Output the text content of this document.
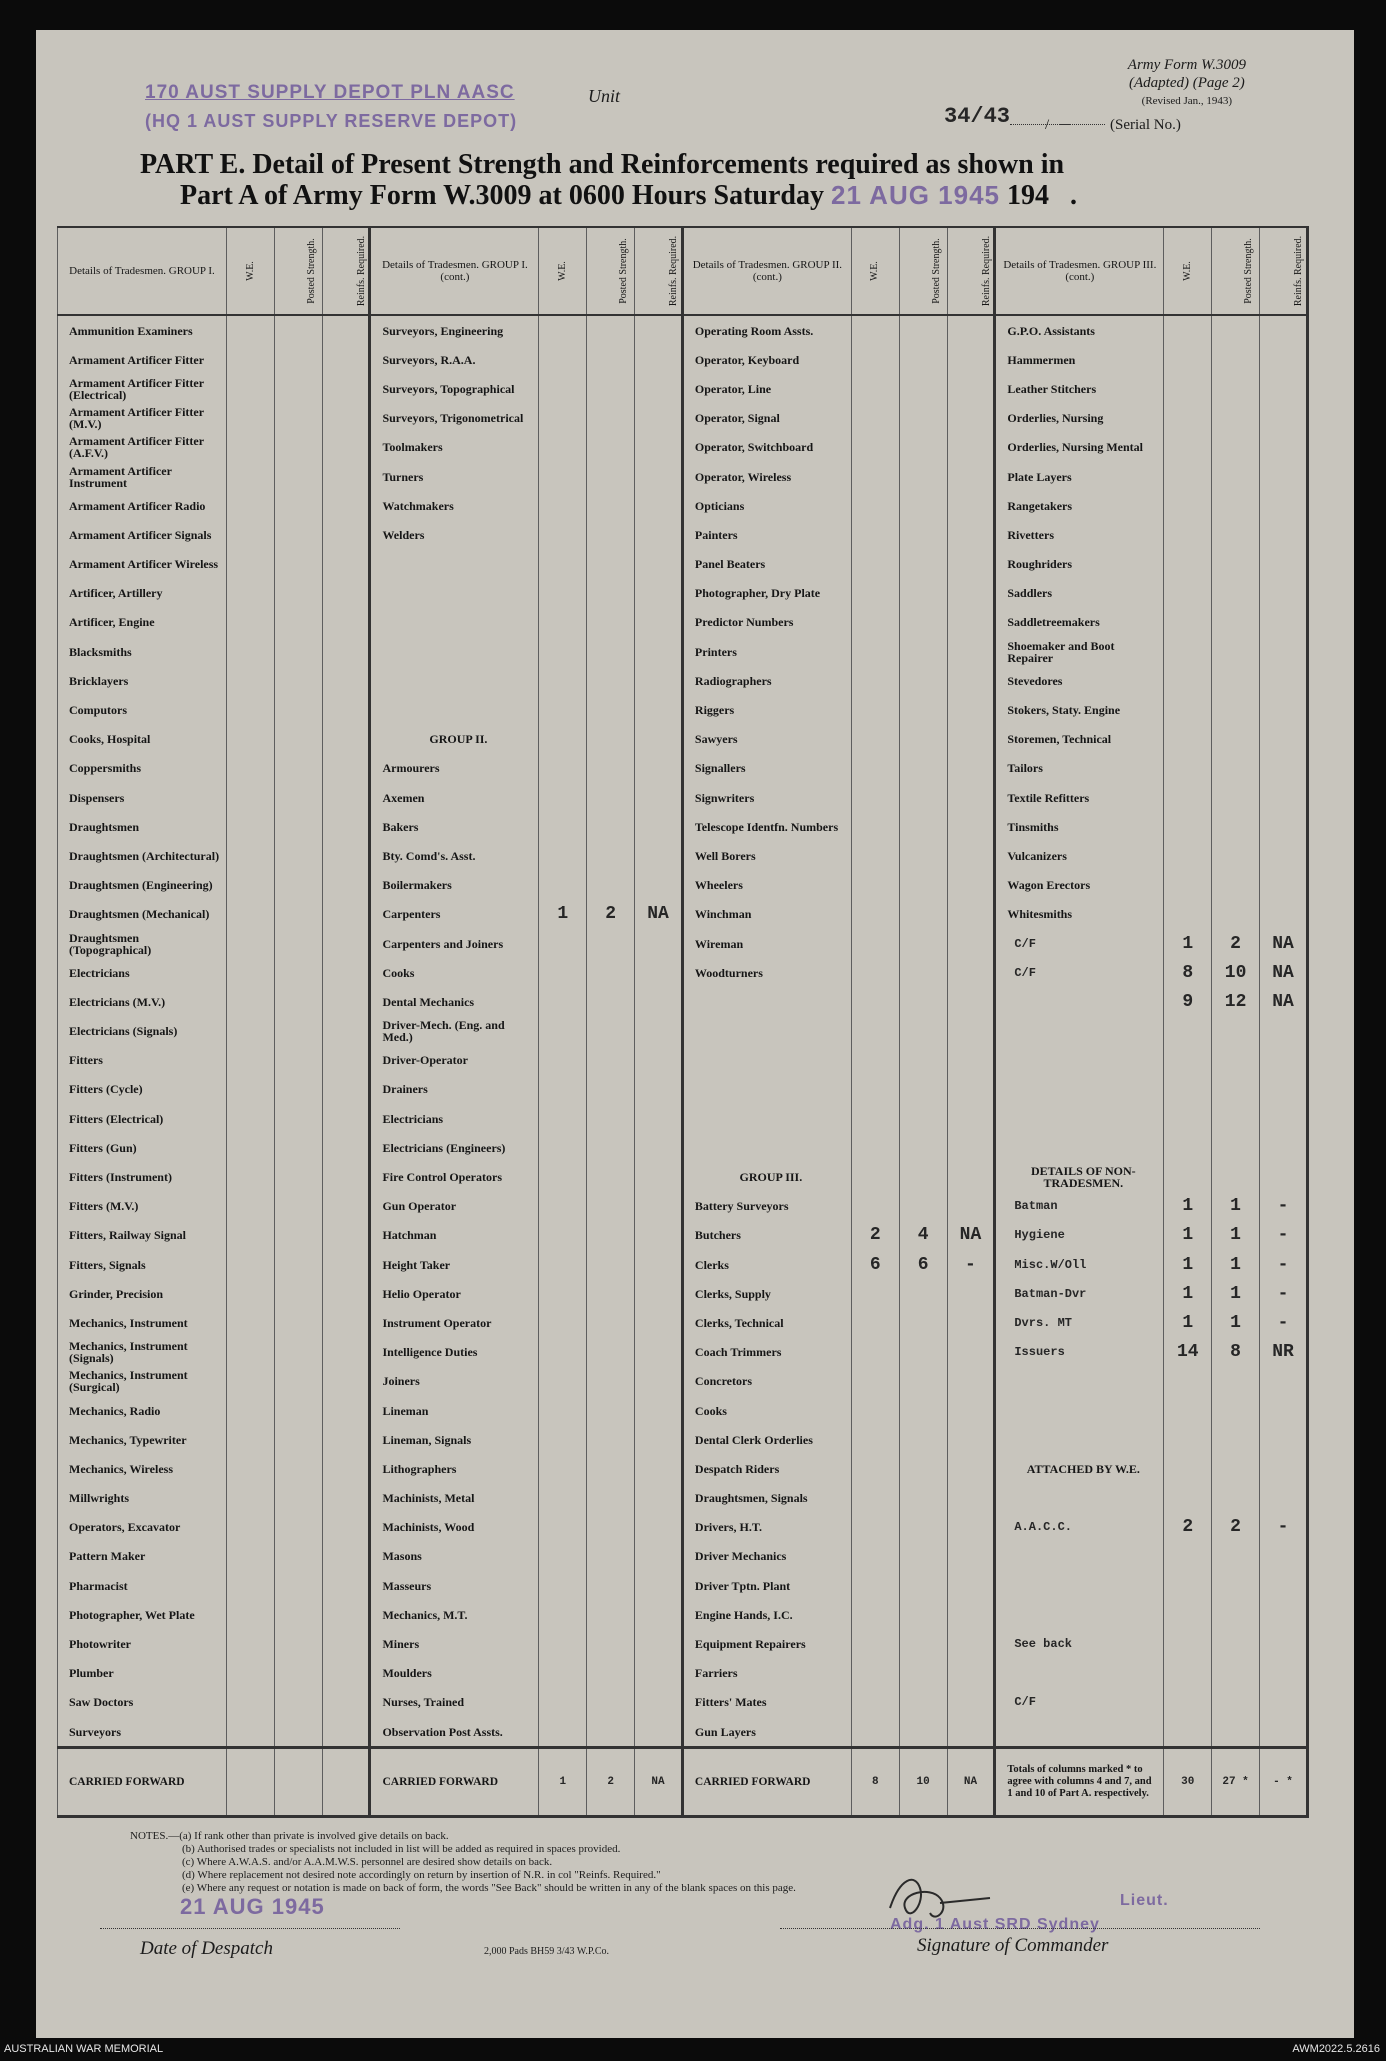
170 AUST SUPPLY DEPOT PLN AASC
(HQ 1 AUST SUPPLY RESERVE DEPOT)
Unit
Army Form W.3009
(Adapted) (Page 2)
(Revised Jan., 1943)
34/43 /	(Serial No.)
PART E. Detail of Present Strength and Reinforcements required as shown in
Part A of Army Form W.3009 at 0600 Hours Saturday 21 AUG 1945 194 .
Details of Tradesmen. GROUP I.	W.E.	Posted Strength.	Reinfs. Required.	Details of Tradesmen. GROUP I. (cont.)	W.E.	Posted Strength.	Reinfs. Required.	Details of Tradesmen. GROUP II. (cont.)	W.E.	Posted Strength.	Reinfs. Required.	Details of Tradesmen. GROUP III. (cont.)	W.E.	Posted Strength.	Reinfs. Required.
Ammunition Examiners				Surveyors, Engineering				Operating Room Assts.				G.P.O. Assistants			
Armament Artificer Fitter				Surveyors, R.A.A.				Operator, Keyboard				Hammermen			
Armament Artificer Fitter (Electrical)				Surveyors, Topographical				Operator, Line				Leather Stitchers			
Armament Artificer Fitter (M.V.)				Surveyors, Trigonometrical				Operator, Signal				Orderlies, Nursing			
Armament Artificer Fitter (A.F.V.)				Toolmakers				Operator, Switchboard				Orderlies, Nursing Mental			
Armament Artificer Instrument				Turners				Operator, Wireless				Plate Layers			
Armament Artificer Radio				Watchmakers				Opticians				Rangetakers			
Armament Artificer Signals				Welders				Painters				Rivetters			
Armament Artificer Wireless								Panel Beaters				Roughriders			
Artificer, Artillery								Photographer, Dry Plate				Saddlers			
Artificer, Engine								Predictor Numbers				Saddletreemakers			
Blacksmiths								Printers				Shoemaker and Boot Repairer			
Bricklayers								Radiographers				Stevedores			
Computors								Riggers				Stokers, Staty. Engine			
Cooks, Hospital				GROUP II.				Sawyers				Storemen, Technical			
Coppersmiths				Armourers				Signallers				Tailors			
Dispensers				Axemen				Signwriters				Textile Refitters			
Draughtsmen				Bakers				Telescope Identfn. Numbers				Tinsmiths			
Draughtsmen (Architectural)				Bty. Comd's. Asst.				Well Borers				Vulcanizers			
Draughtsmen (Engineering)				Boilermakers				Wheelers				Wagon Erectors			
Draughtsmen (Mechanical)				Carpenters	1	2	NA	Winchman				Whitesmiths			
Draughtsmen (Topographical)				Carpenters and Joiners				Wireman				C/F	1	2	NA
Electricians				Cooks				Woodturners				C/F	8	10	NA
Electricians (M.V.)				Dental Mechanics									9	12	NA
Electricians (Signals)				Driver-Mech. (Eng. and Med.)											
Fitters				Driver-Operator											
Fitters (Cycle)				Drainers											
Fitters (Electrical)				Electricians											
Fitters (Gun)				Electricians (Engineers)											
Fitters (Instrument)				Fire Control Operators				GROUP III.				DETAILS OF NON-TRADESMEN.			
Fitters (M.V.)				Gun Operator				Battery Surveyors				Batman	1	1	-
Fitters, Railway Signal				Hatchman				Butchers	2	4	NA	Hygiene	1	1	-
Fitters, Signals				Height Taker				Clerks	6	6	-	Misc.W/Oll	1	1	-
Grinder, Precision				Helio Operator				Clerks, Supply				Batman-Dvr	1	1	-
Mechanics, Instrument				Instrument Operator				Clerks, Technical				Dvrs. MT	1	1	-
Mechanics, Instrument (Signals)				Intelligence Duties				Coach Trimmers				Issuers	14	8	NR
Mechanics, Instrument (Surgical)				Joiners				Concretors							
Mechanics, Radio				Lineman				Cooks							
Mechanics, Typewriter				Lineman, Signals				Dental Clerk Orderlies							
Mechanics, Wireless				Lithographers				Despatch Riders				ATTACHED BY W.E.			
Millwrights				Machinists, Metal				Draughtsmen, Signals							
Operators, Excavator				Machinists, Wood				Drivers, H.T.				A.A.C.C.	2	2	-
Pattern Maker				Masons				Driver Mechanics							
Pharmacist				Masseurs				Driver Tptn. Plant							
Photographer, Wet Plate				Mechanics, M.T.				Engine Hands, I.C.							
Photowriter				Miners				Equipment Repairers				See back			
Plumber				Moulders				Farriers							
Saw Doctors				Nurses, Trained				Fitters' Mates				C/F			
Surveyors				Observation Post Assts.				Gun Layers							
CARRIED FORWARD				CARRIED FORWARD	1	2	NA	CARRIED FORWARD	8	10	NA	Totals of columns marked * to agree with columns 4 and 7, and 1 and 10 of Part A. respectively.	30	27 *	- *
NOTES.—(a) If rank other than private is involved give details on back.
(b) Authorised trades or specialists not included in list will be added as required in spaces provided.
(c) Where A.W.A.S. and/or A.A.M.W.S. personnel are desired show details on back.
(d) Where replacement not desired note accordingly on return by insertion of N.R. in col "Reinfs. Required."
(e) Where any request or notation is made on back of form, the words "See Back" should be written in any of the blank spaces on this page.
21 AUG 1945
Date of Despatch	2,000 Pads BH59 3/43 W.P.Co.
Lieut.
Adg. 1 Aust SRD Sydney
Signature of Commander
AUSTRALIAN WAR MEMORIAL	AWM2022.5.2616
